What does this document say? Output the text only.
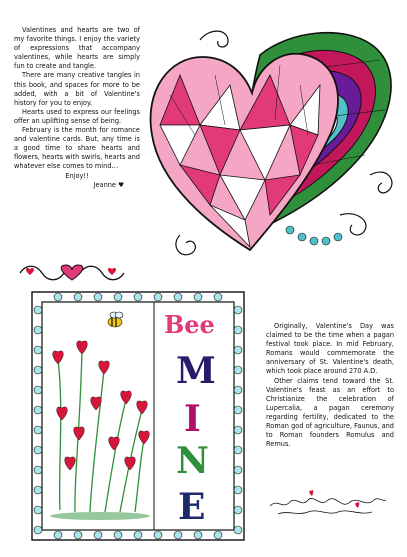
Valentines and hearts are two of my favorite things. I enjoy the variety of expressions that accompany valentines, while hearts are simply fun to create and tangle.

There are many creative tangles in this book, and spaces for more to be added, with a bit of Valentine's history for you to enjoy.

Hearts used to express our feelings offer an uplifting sense of being.

February is the month for romance and valentine cards. But, any time is a good time to share hearts and flowers, hearts with swirls, hearts and whatever else comes to mind…

Enjoy!!

Jeanne ♥

Bee
M
I
N
E

Originally, Valentine's Day was claimed to be the time when a pagan festival took place. In mid February, Romans would commemorate the anniversary of St. Valentine's death, which took place around 270 A.D.

Other claims tend toward the St. Valentine's feast as an effort to Christianize the celebration of Lupercalia, a pagan ceremony regarding fertility, dedicated to the Roman god of agriculture, Faunus, and to Roman founders Romulus and Remus.
